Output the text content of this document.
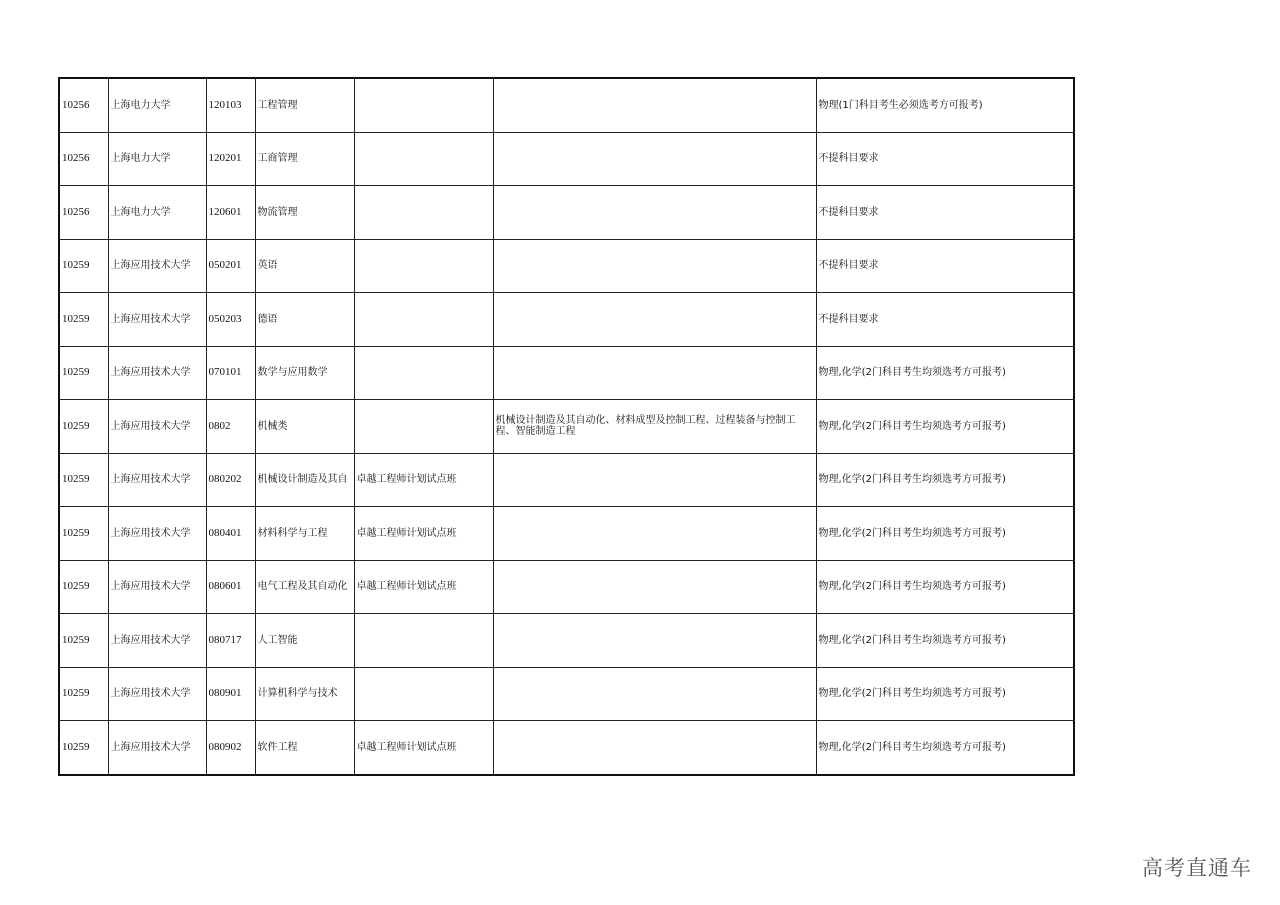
10256	上海电力大学	120103	工程管理			物理(1门科目考生必须选考方可报考)
10256	上海电力大学	120201	工商管理			不提科目要求
10256	上海电力大学	120601	物流管理			不提科目要求
10259	上海应用技术大学	050201	英语			不提科目要求
10259	上海应用技术大学	050203	德语			不提科目要求
10259	上海应用技术大学	070101	数学与应用数学			物理,化学(2门科目考生均须选考方可报考)
10259	上海应用技术大学	0802	机械类		机械设计制造及其自动化、材料成型及控制工程、过程装备与控制工程、智能制造工程	物理,化学(2门科目考生均须选考方可报考)
10259	上海应用技术大学	080202	机械设计制造及其自	卓越工程师计划试点班		物理,化学(2门科目考生均须选考方可报考)
10259	上海应用技术大学	080401	材料科学与工程	卓越工程师计划试点班		物理,化学(2门科目考生均须选考方可报考)
10259	上海应用技术大学	080601	电气工程及其自动化	卓越工程师计划试点班		物理,化学(2门科目考生均须选考方可报考)
10259	上海应用技术大学	080717	人工智能			物理,化学(2门科目考生均须选考方可报考)
10259	上海应用技术大学	080901	计算机科学与技术			物理,化学(2门科目考生均须选考方可报考)
10259	上海应用技术大学	080902	软件工程	卓越工程师计划试点班		物理,化学(2门科目考生均须选考方可报考)
高考直通车
